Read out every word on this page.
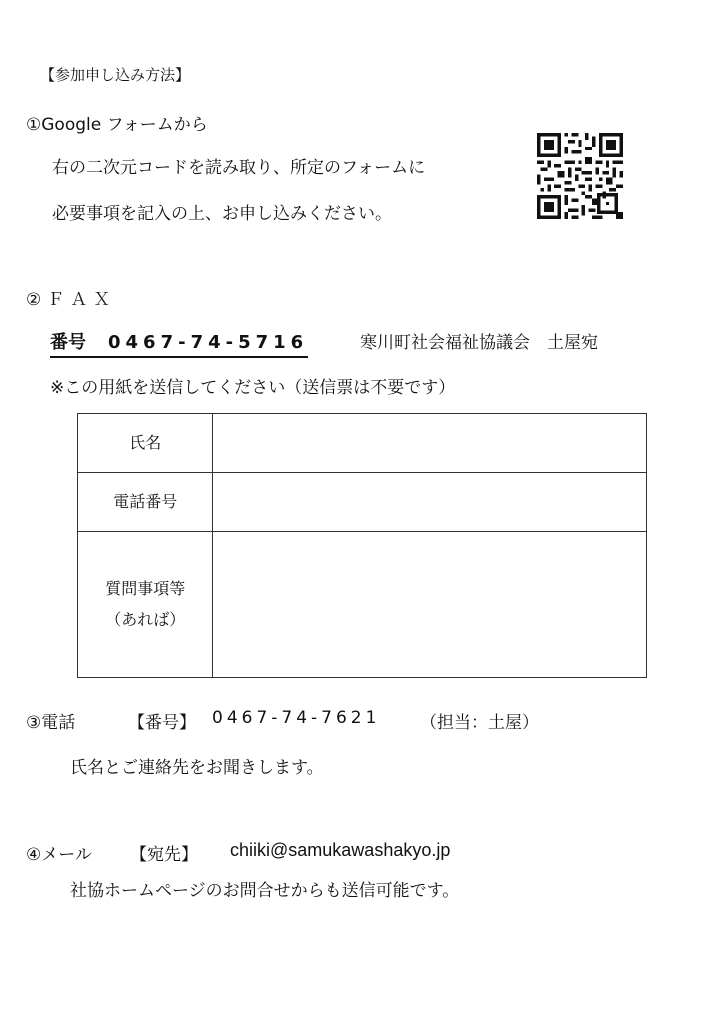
【参加申し込み方法】
①Google フォームから
右の二次元コードを読み取り、所定のフォームに
必要事項を記入の上、お申し込みください。
②ＦＡＸ
番号 0467-74-5716	寒川町社会福祉協議会　土屋宛
※この用紙を送信してください（送信票は不要です）
氏名	
電話番号	

質問事項等
（あれば）	

③電話	【番号】 0467-74-7621 （担当：土屋）
氏名とご連絡先をお聞きします。
④メール 【宛先】 chiiki@samukawashakyo.jp
社協ホームページのお問合せからも送信可能です。
